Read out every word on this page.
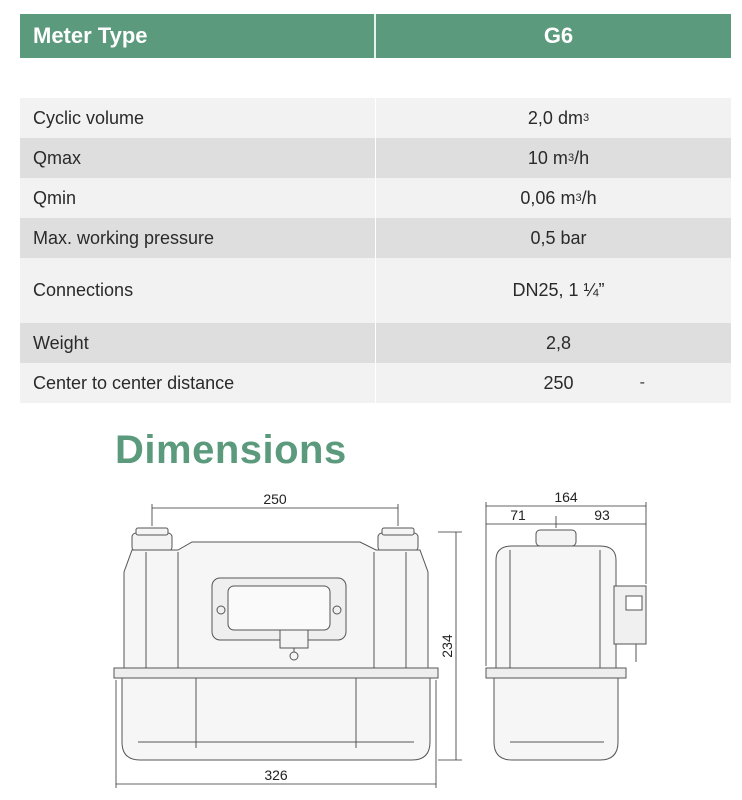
Meter Type	G6
Cyclic volume	2,0 dm 3
Qmax	10 m 3 /h
Qmin	0,06 m 3 /h
Max. working pressure	0,5 bar
Connections	DN25, 1 ¼”
Weight	2,8
Center to center distance	250	-
Dimensions
250
326
234
164
71	93
